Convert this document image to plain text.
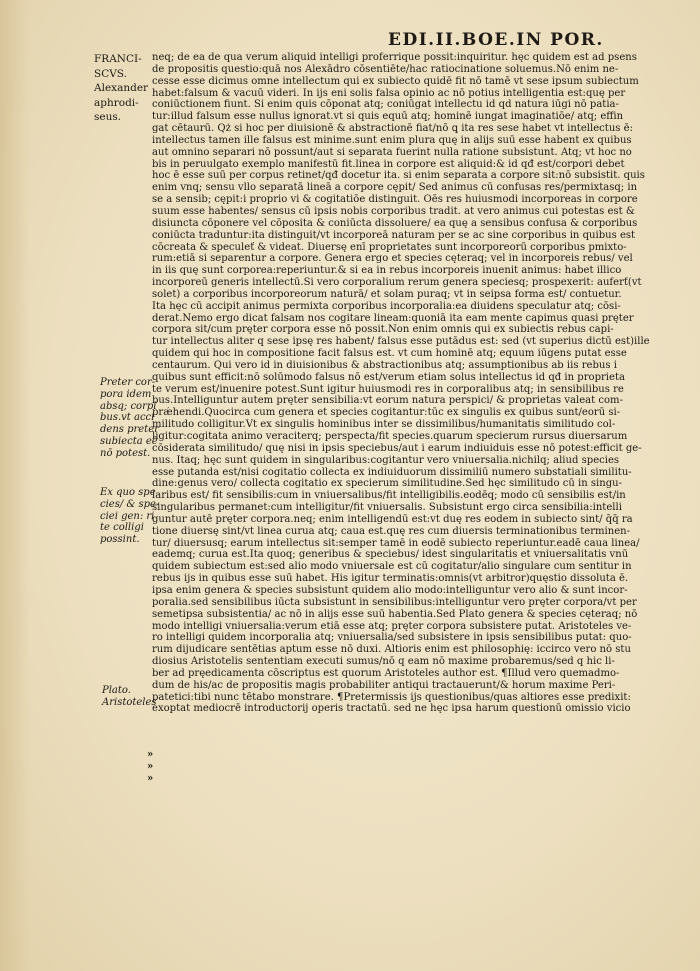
EDI.II.BOE.IN POR.
FRANCI-
SCVS.
Alexander
aphrodi-
seus.
Preter cor-
pora idem
absq; corpi
bus.vt acci
dens preter
subiecta eē
nō potest.
Ex quo spe
cies/ & spe-
ciei gen: ri
te colligi
possint.
Plato.
Aristoteles
»
»
»
neq; de ea de qua verum aliquid intelligi proferrique possit:inquiritur. hęc quidem est ad psens
de propositis questio:quā nos Alexādro cōsentiēte/hac ratiocinatione soluemus.Nō enim ne-
cesse esse dicimus omne intellectum qui ex subiecto quidē fit nō tamē vt sese ipsum subiectum
habet:falsum & vacuū videri. In ijs eni solis falsa opinio ac nō potius intelligentia est:quę per
coniūctionem fiunt. Si enim quis cōponat atq; coniūgat intellectu id qd natura iūgi nō patia-
tur:illud falsum esse nullus ignorat.vt si quis equū atq; hominē iungat imaginatiōe/ atq; effin
gat cētaurū. Qż si hoc per diuisionē & abstractionē fiat/nō ꝗ ita res sese habet vt intellectus ē:
intellectus tamen ille falsus est minime.sunt enim plura quę in alijs suū esse habent ex quibus
aut omnino separari nō possunt/aut si separata fuerint nulla ratione subsistunt. Atq; vt hoc no
bis in peruulgato exemplo manifestū fit.linea in corpore est aliquid:& id qđ est/corpori debet
hoc ē esse suū per corpus retinet/qđ docetur ita. si enim separata a corpore sit:nō subsistit. quis
enim vnq; sensu vllo separatā lineā a corpore cępit/ Sed animus cū confusas res/permixtasq; in
se a sensib; cępit:i proprio vi & cogitatiōe distinguit. Oēs res huiusmodi incorporeas in corpore
suum esse habentes/ sensus cū ipsis nobis corporibus tradit. at vero animus cui potestas est &
disiuncta cōponere vel cōposita & coniūcta dissoluere/ ea quę a sensibus confusa & corporibus
coniūcta traduntur:ita distinguit/vt incorporeā naturam per se ac sine corporibus in quibus est
cōcreata & speculeť & videat. Diuersę enī proprietates sunt incorporeorū corporibus pmixto-
rum:etiā si separentur a corpore. Genera ergo et species cęteraq; vel in incorporeis rebus/ vel
in iis quę sunt corporea:reperiuntur.& si ea in rebus incorporeis inuenit animus: habet illico
incorporeū generis intellectū.Si vero corporalium rerum genera speciesq; prospexerit: auferť(vt
solet) a corporibus incorporeorum naturā/ et solam puraq; vt in seipsa forma est/ contuetur.
Ita hęc cū accipit animus permixta corporibus incorporalia:ea diuidens speculatur atq; cōsi-
derat.Nemo ergo dicat falsam nos cogitare lineam:quoniā ita eam mente capimus quasi pręter
corpora sit/cum pręter corpora esse nō possit.Non enim omnis qui ex subiectis rebus capi-
tur intellectus aliter q sese ipsę res habent/ falsus esse putādus est: sed (vt superius dictū est)ille
quidem qui hoc in compositione facit falsus est. vt cum hominē atq; equum iūgens putat esse
centaurum. Qui vero id in diuisionibus & abstractionibus atq; assumptionibus ab iis rebus i
quibus sunt efficit:nō solūmodo falsus nō est/verum etiam solus intellectus id qđ in proprieta
te verum est/inuenire potest.Sunt igitur huiusmodi res in corporalibus atq; in sensibilibus re
bus.Intelliguntur autem pręter sensibilia:vt eorum natura perspici/ & proprietas valeat com-
prǽhendi.Quocirca cum genera et species cogitantur:tūc ex singulis ex quibus sunt/eorū si-
militudo colligitur.Vt ex singulis hominibus inter se dissimilibus/humanitatis similitudo col-
ligitur:cogitata animo veraciterq; perspecta/fit species.quarum specierum rursus diuersarum
cōsiderata similitudo/ quę nisi in ipsis speciebus/aut i earum indiuiduis esse nō potest:efficit ge-
nus. Itaq; hęc sunt quidem in singularibus:cogitantur vero vniuersalia.nichilq; aliud species
esse putanda est/nisi cogitatio collecta ex indiuiduorum dissimiliū numero substatiali similitu-
dine:genus vero/ collecta cogitatio ex specierum similitudine.Sed hęc similitudo cū in singu-
laribus est/ fit sensibilis:cum in vniuersalibus/fit intelligibilis.eodēq; modo cū sensibilis est/in
singularibus permanet:cum intelligitur/fit vniuersalis. Subsistunt ergo circa sensibilia:intelli
guntur autē pręter corpora.neq; enim intelligendū est:vt duę res eodem in subiecto sint/ q̄q̄ ra
tione diuersę sint/vt linea curua atq; caua est.quę res cum diuersis terminationibus terminen-
tur/ diuersusq; earum intellectus sit:semper tamē in eodē subiecto reperiuntur.eadē caua linea/
eademq; curua est.Ita quoq; generibus & speciebus/ idest singularitatis et vniuersalitatis vnū
quidem subiectum est:sed alio modo vniuersale est cū cogitatur/alio singulare cum sentitur in
rebus ijs in quibus esse suū habet. His igitur terminatis:omnis(vt arbitror)quęstio dissoluta ē.
ipsa enim genera & species subsistunt quidem alio modo:intelliguntur vero alio & sunt incor-
poralia.sed sensibilibus iūcta subsistunt in sensibilibus:intelliguntur vero pręter corpora/vt per
semetipsa subsistentia/ ac nō in alijs esse suū habentia.Sed Plato genera & species cęteraq; nō
modo intelligi vniuersalia:verum etiā esse atq; pręter corpora subsistere putat. Aristoteles ve-
ro intelligi quidem incorporalia atq; vniuersalia/sed subsistere in ipsis sensibilibus putat: quo-
rum dijudicare sentētias aptum esse nō duxi. Altioris enim est philosophię: iccirco vero nō stu
diosius Aristotelis sententiam executi sumus/nō q eam nō maxime probaremus/sed q hic li-
ber ad pręedicamenta cōscriptus est quorum Aristoteles author est. ¶Illud vero quemadmo-
dum de his/ac de propositis magis probabiliter antiqui tractauerunt/& horum maxime Peri-
patetici:tibi nunc tētabo monstrare. ¶Pretermissis ijs questionibus/quas altiores esse predixit:
exoptat mediocrē introductorij operis tractatū. sed ne hęc ipsa harum questionū omissio vicio
